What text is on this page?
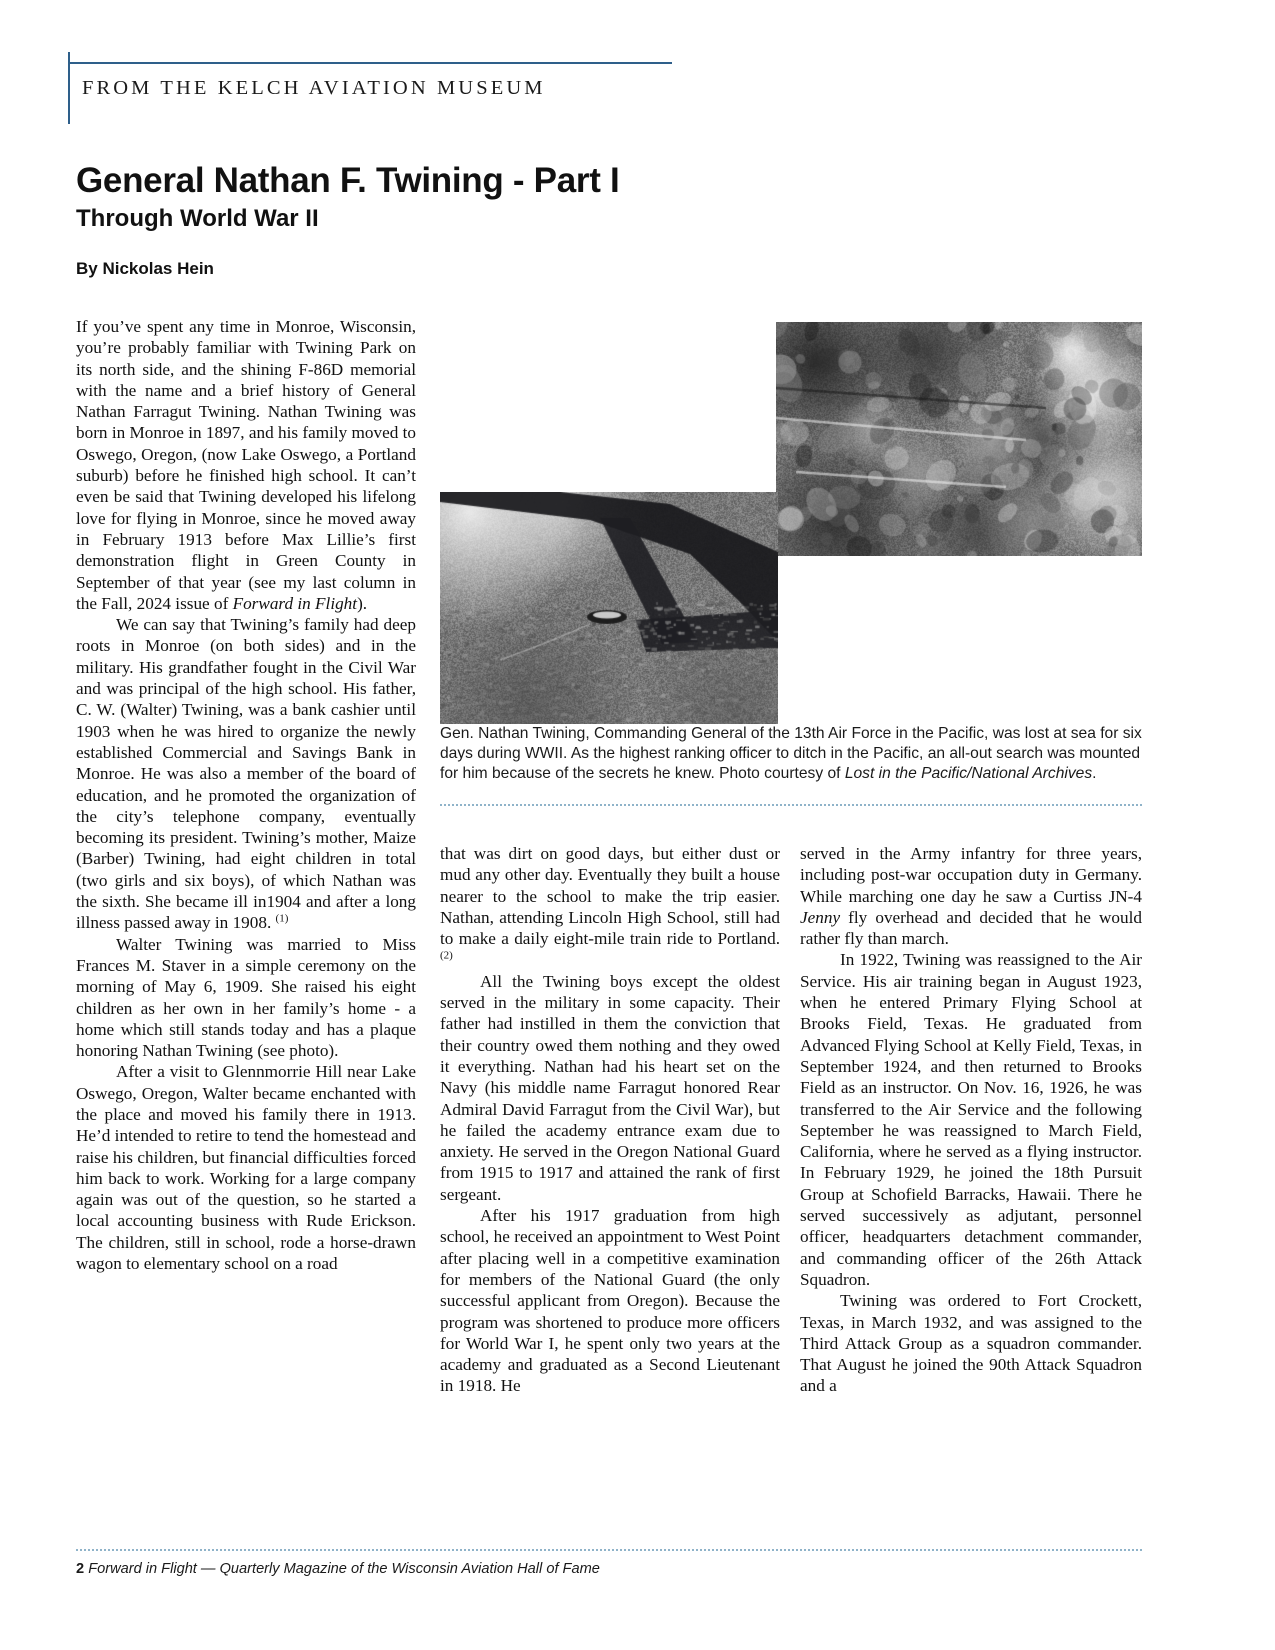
FROM THE KELCH AVIATION MUSEUM
General Nathan F. Twining - Part I
Through World War II
By Nickolas Hein
Gen. Nathan Twining, Commanding General of the 13th Air Force in the Pacific, was lost at sea for six days during WWII. As the highest ranking officer to ditch in the Pacific, an all-out search was mounted for him because of the secrets he knew. Photo courtesy of Lost in the Pacific/National Archives.

If you’ve spent any time in Monroe, Wisconsin, you’re probably familiar with Twining Park on its north side, and the shining F-86D memorial with the name and a brief history of General Nathan Farragut Twining. Nathan Twining was born in Monroe in 1897, and his family moved to Oswego, Oregon, (now Lake Oswego, a Portland suburb) before he finished high school. It can’t even be said that Twining developed his lifelong love for flying in Monroe, since he moved away in February 1913 before Max Lillie’s first demonstration flight in Green County in September of that year (see my last column in the Fall, 2024 issue of Forward in Flight).

We can say that Twining’s family had deep roots in Monroe (on both sides) and in the military. His grandfather fought in the Civil War and was principal of the high school. His father, C. W. (Walter) Twining, was a bank cashier until 1903 when he was hired to organize the newly established Commercial and Savings Bank in Monroe. He was also a member of the board of education, and he promoted the organization of the city’s telephone company, eventually becoming its president. Twining’s mother, Maize (Barber) Twining, had eight children in total (two girls and six boys), of which Nathan was the sixth. She became ill in1904 and after a long illness passed away in 1908. $^{(1)}$

Walter Twining was married to Miss Frances M. Staver in a simple ceremony on the morning of May 6, 1909. She raised his eight children as her own in her family’s home - a home which still stands today and has a plaque honoring Nathan Twining (see photo).

After a visit to Glennmorrie Hill near Lake Oswego, Oregon, Walter became enchanted with the place and moved his family there in 1913. He’d intended to retire to tend the homestead and raise his children, but financial difficulties forced him back to work. Working for a large company again was out of the question, so he started a local accounting business with Rude Erickson. The children, still in school, rode a horse-drawn wagon to elementary school on a road

that was dirt on good days, but either dust or mud any other day. Eventually they built a house nearer to the school to make the trip easier. Nathan, attending Lincoln High School, still had to make a daily eight-mile train ride to Portland. $^{(2)}$

All the Twining boys except the oldest served in the military in some capacity. Their father had instilled in them the conviction that their country owed them nothing and they owed it everything. Nathan had his heart set on the Navy (his middle name Farragut honored Rear Admiral David Farragut from the Civil War), but he failed the academy entrance exam due to anxiety. He served in the Oregon National Guard from 1915 to 1917 and attained the rank of first sergeant.

After his 1917 graduation from high school, he received an appointment to West Point after placing well in a competitive examination for members of the National Guard (the only successful applicant from Oregon). Because the program was shortened to produce more officers for World War I, he spent only two years at the academy and graduated as a Second Lieutenant in 1918. He

served in the Army infantry for three years, including post-war occupation duty in Germany. While marching one day he saw a Curtiss JN-4 Jenny fly overhead and decided that he would rather fly than march.

In 1922, Twining was reassigned to the Air Service. His air training began in August 1923, when he entered Primary Flying School at Brooks Field, Texas. He graduated from Advanced Flying School at Kelly Field, Texas, in September 1924, and then returned to Brooks Field as an instructor. On Nov. 16, 1926, he was transferred to the Air Service and the following September he was reassigned to March Field, California, where he served as a flying instructor. In February 1929, he joined the 18th Pursuit Group at Schofield Barracks, Hawaii. There he served successively as adjutant, personnel officer, headquarters detachment commander, and commanding officer of the 26th Attack Squadron.

Twining was ordered to Fort Crockett, Texas, in March 1932, and was assigned to the Third Attack Group as a squadron commander. That August he joined the 90th Attack Squadron and a

2 Forward in Flight — Quarterly Magazine of the Wisconsin Aviation Hall of Fame
